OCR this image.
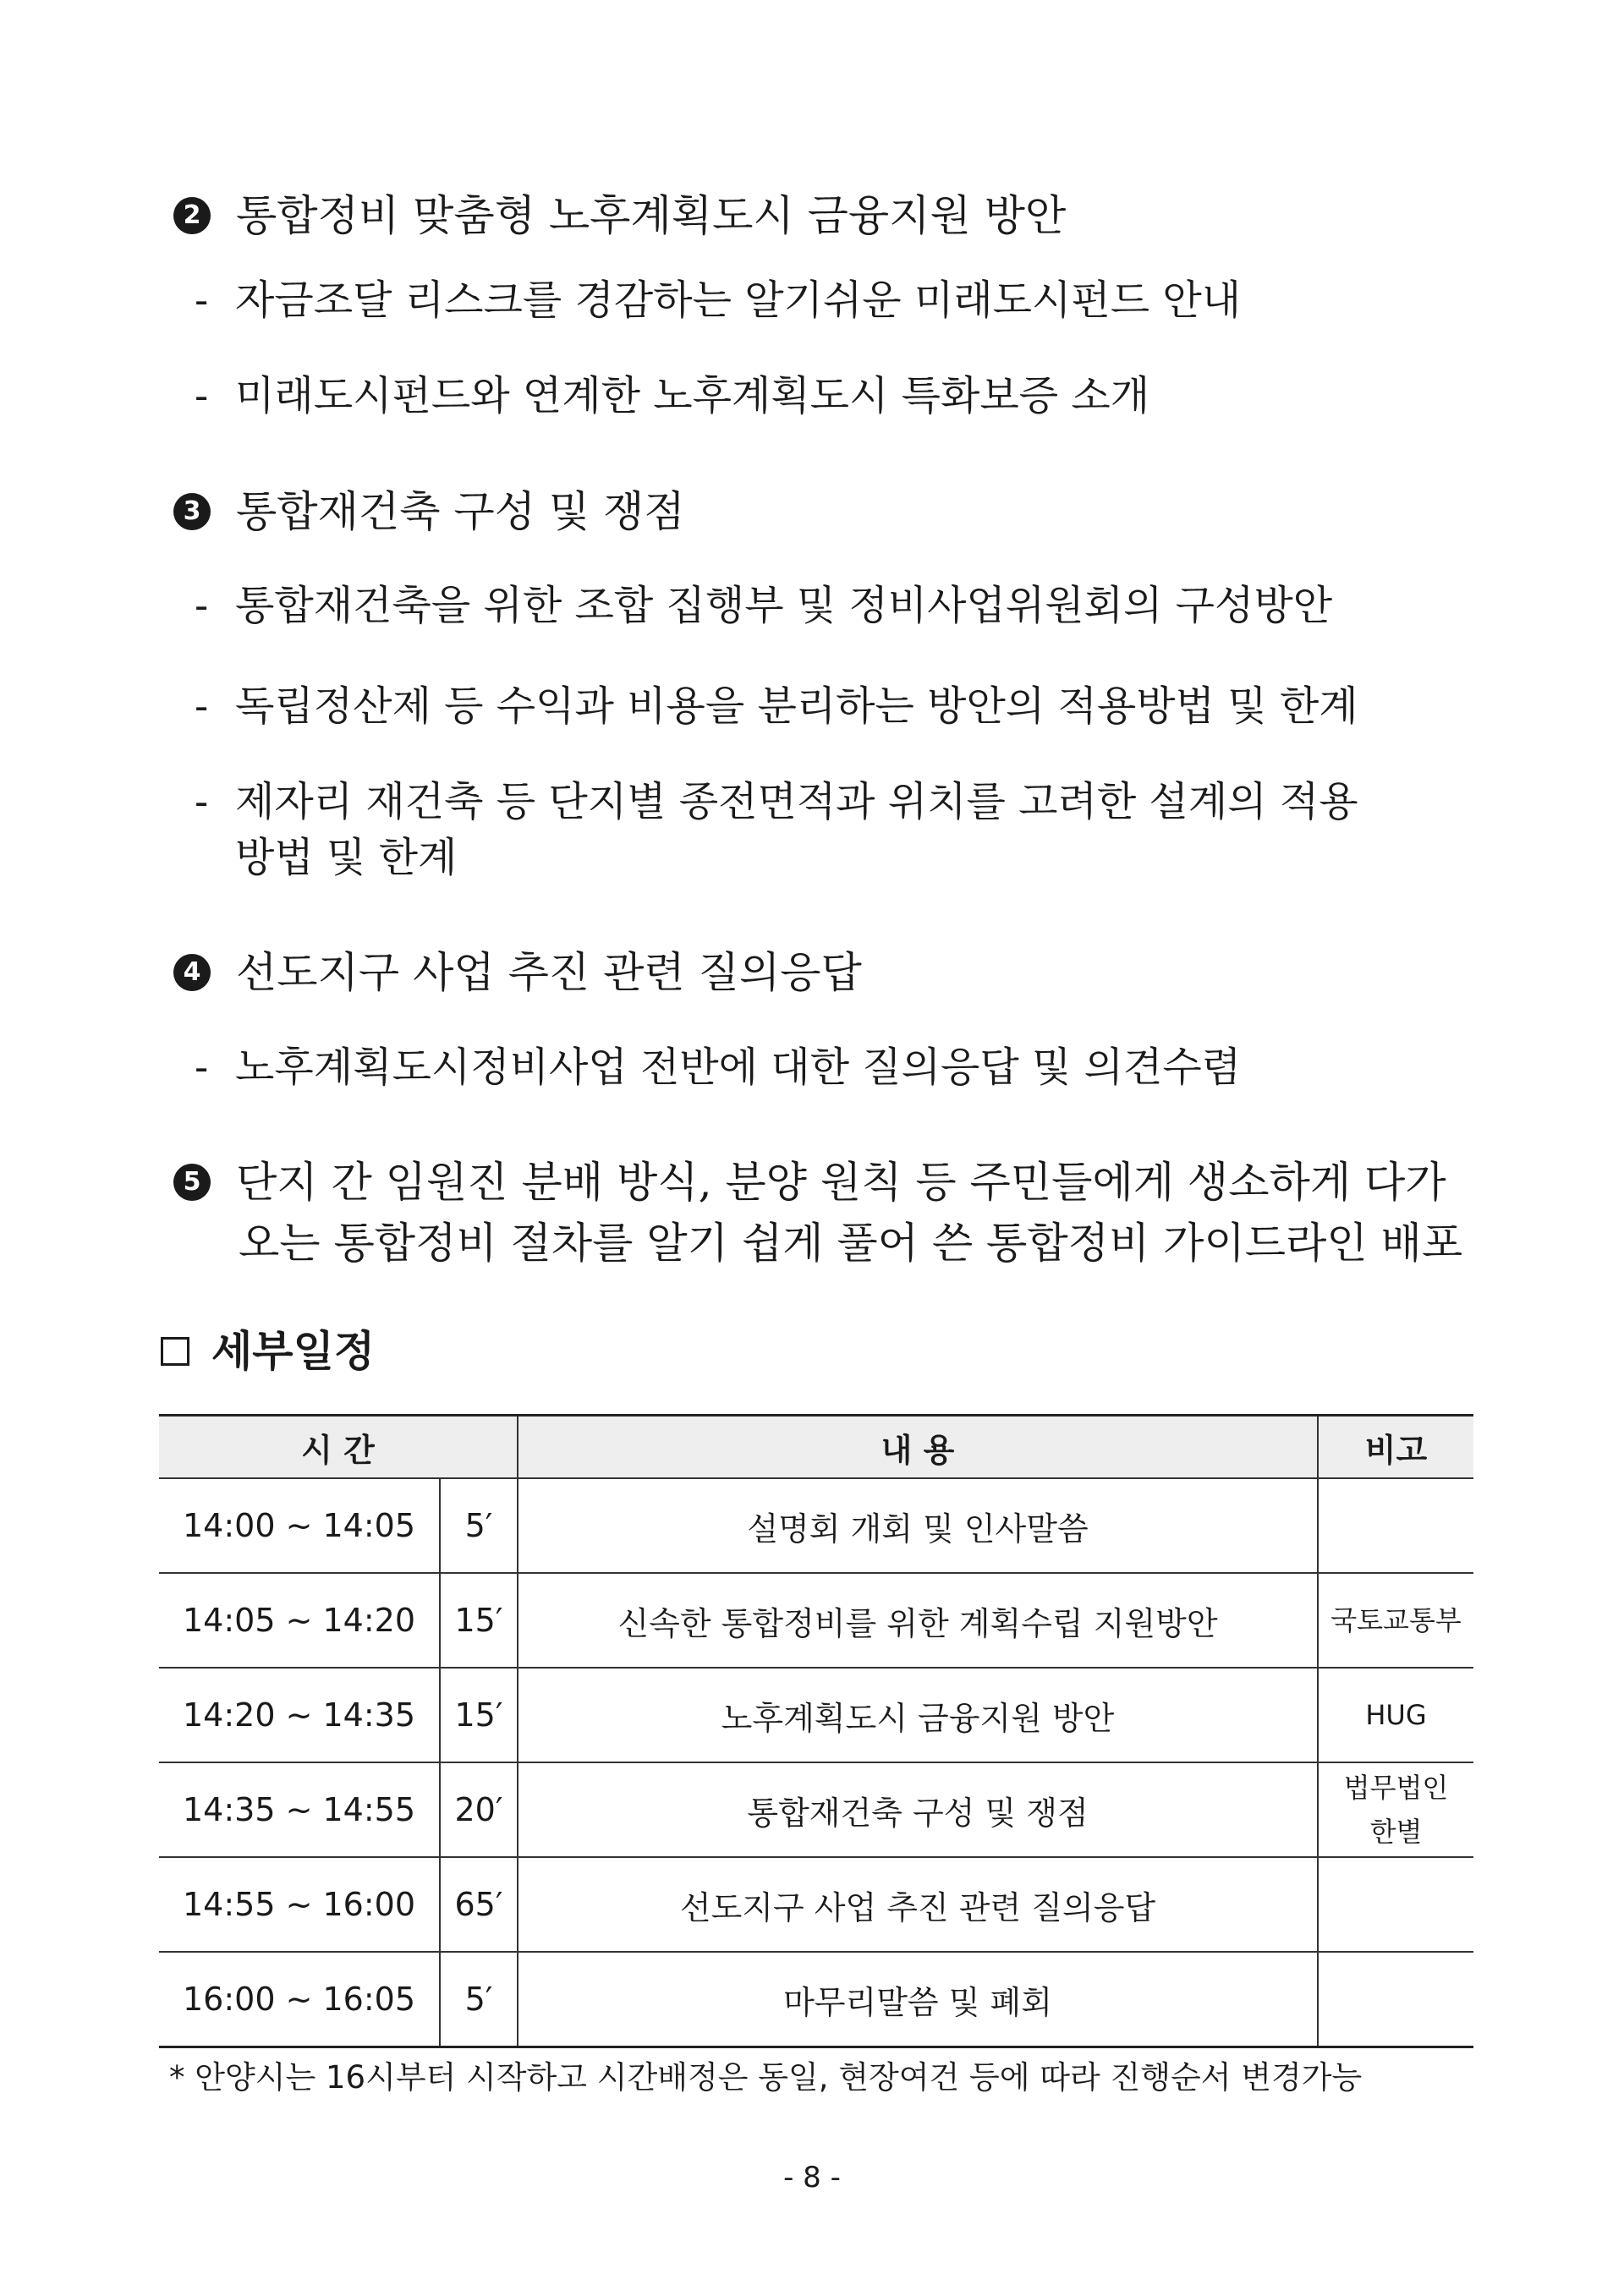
2 통합정비 맞춤형 노후계획도시 금융지원 방안
- 자금조달 리스크를 경감하는 알기쉬운 미래도시펀드 안내
- 미래도시펀드와 연계한 노후계획도시 특화보증 소개
3 통합재건축 구성 및 쟁점
- 통합재건축을 위한 조합 집행부 및 정비사업위원회의 구성방안
- 독립정산제 등 수익과 비용을 분리하는 방안의 적용방법 및 한계
- 제자리 재건축 등 단지별 종전면적과 위치를 고려한 설계의 적용
방법 및 한계
4 선도지구 사업 추진 관련 질의응답
- 노후계획도시정비사업 전반에 대한 질의응답 및 의견수렴
5 단지 간 임원진 분배 방식, 분양 원칙 등 주민들에게 생소하게 다가
오는 통합정비 절차를 알기 쉽게 풀어 쓴 통합정비 가이드라인 배포
세부일정
시 간		내 용	비고
14:00 ~ 14:05	5′	설명회 개회 및 인사말씀	
14:05 ~ 14:20	15′	신속한 통합정비를 위한 계획수립 지원방안	국토교통부
14:20 ~ 14:35	15′	노후계획도시 금융지원 방안	HUG
14:35 ~ 14:55	20′	통합재건축 구성 및 쟁점	법무법인
한별
14:55 ~ 16:00	65′	선도지구 사업 추진 관련 질의응답	
16:00 ~ 16:05	5′	마무리말씀 및 폐회	
* 안양시는 16시부터 시작하고 시간배정은 동일, 현장여건 등에 따라 진행순서 변경가능
- 8 -
